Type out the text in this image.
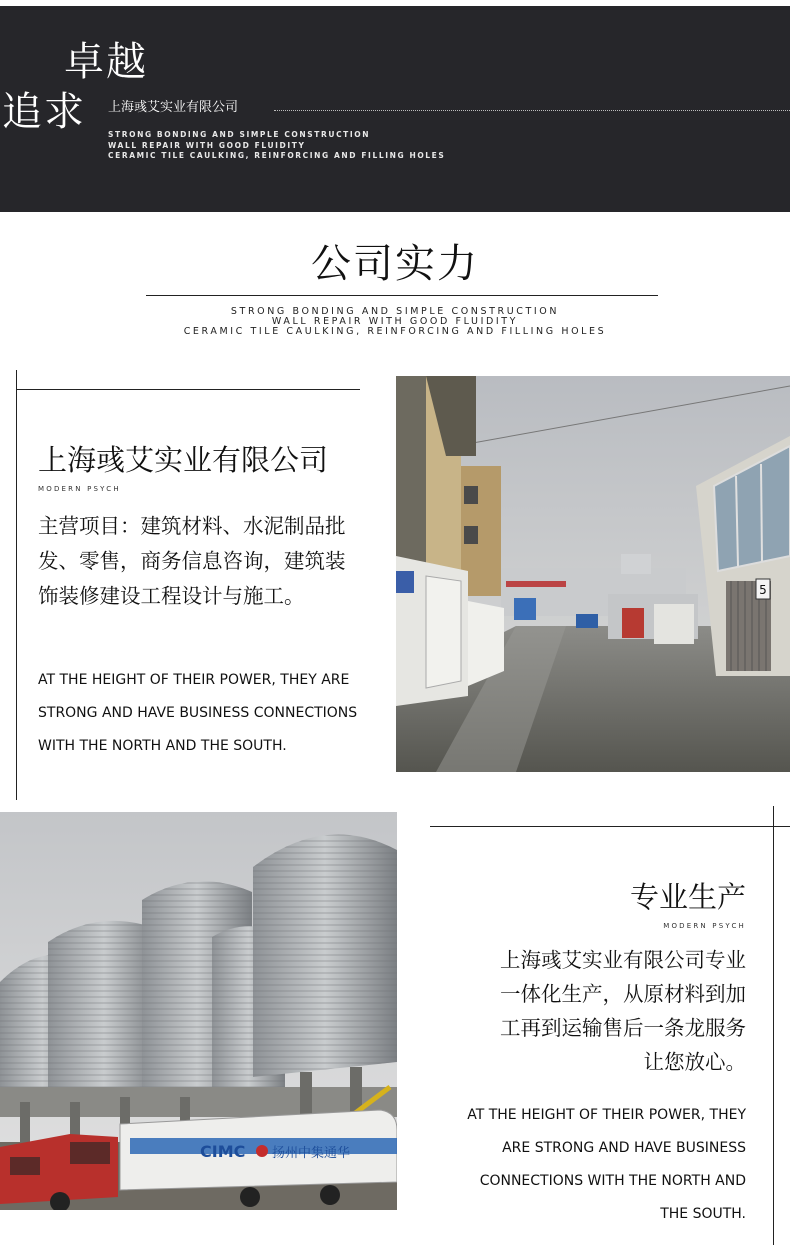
卓越
追求 上海彧艾实业有限公司
STRONG BONDING AND SIMPLE CONSTRUCTION
WALL REPAIR WITH GOOD FLUIDITY
CERAMIC TILE CAULKING, REINFORCING AND FILLING HOLES
公司实力
STRONG BONDING AND SIMPLE CONSTRUCTION
WALL REPAIR WITH GOOD FLUIDITY
CERAMIC TILE CAULKING, REINFORCING AND FILLING HOLES
上海彧艾实业有限公司
MODERN PSYCH
主营项目：建筑材料、水泥制品批发、零售，商务信息咨询，建筑装饰装修建设工程设计与施工。
AT THE HEIGHT OF THEIR POWER, THEY ARE STRONG AND HAVE BUSINESS CONNECTIONS WITH THE NORTH AND THE SOUTH.
5
CIMC 扬州中集通华
专业生产
MODERN PSYCH
上海彧艾实业有限公司专业
一体化生产，从原材料到加
工再到运输售后一条龙服务
让您放心。
AT THE HEIGHT OF THEIR POWER, THEY
ARE STRONG AND HAVE BUSINESS
CONNECTIONS WITH THE NORTH AND
THE SOUTH.
